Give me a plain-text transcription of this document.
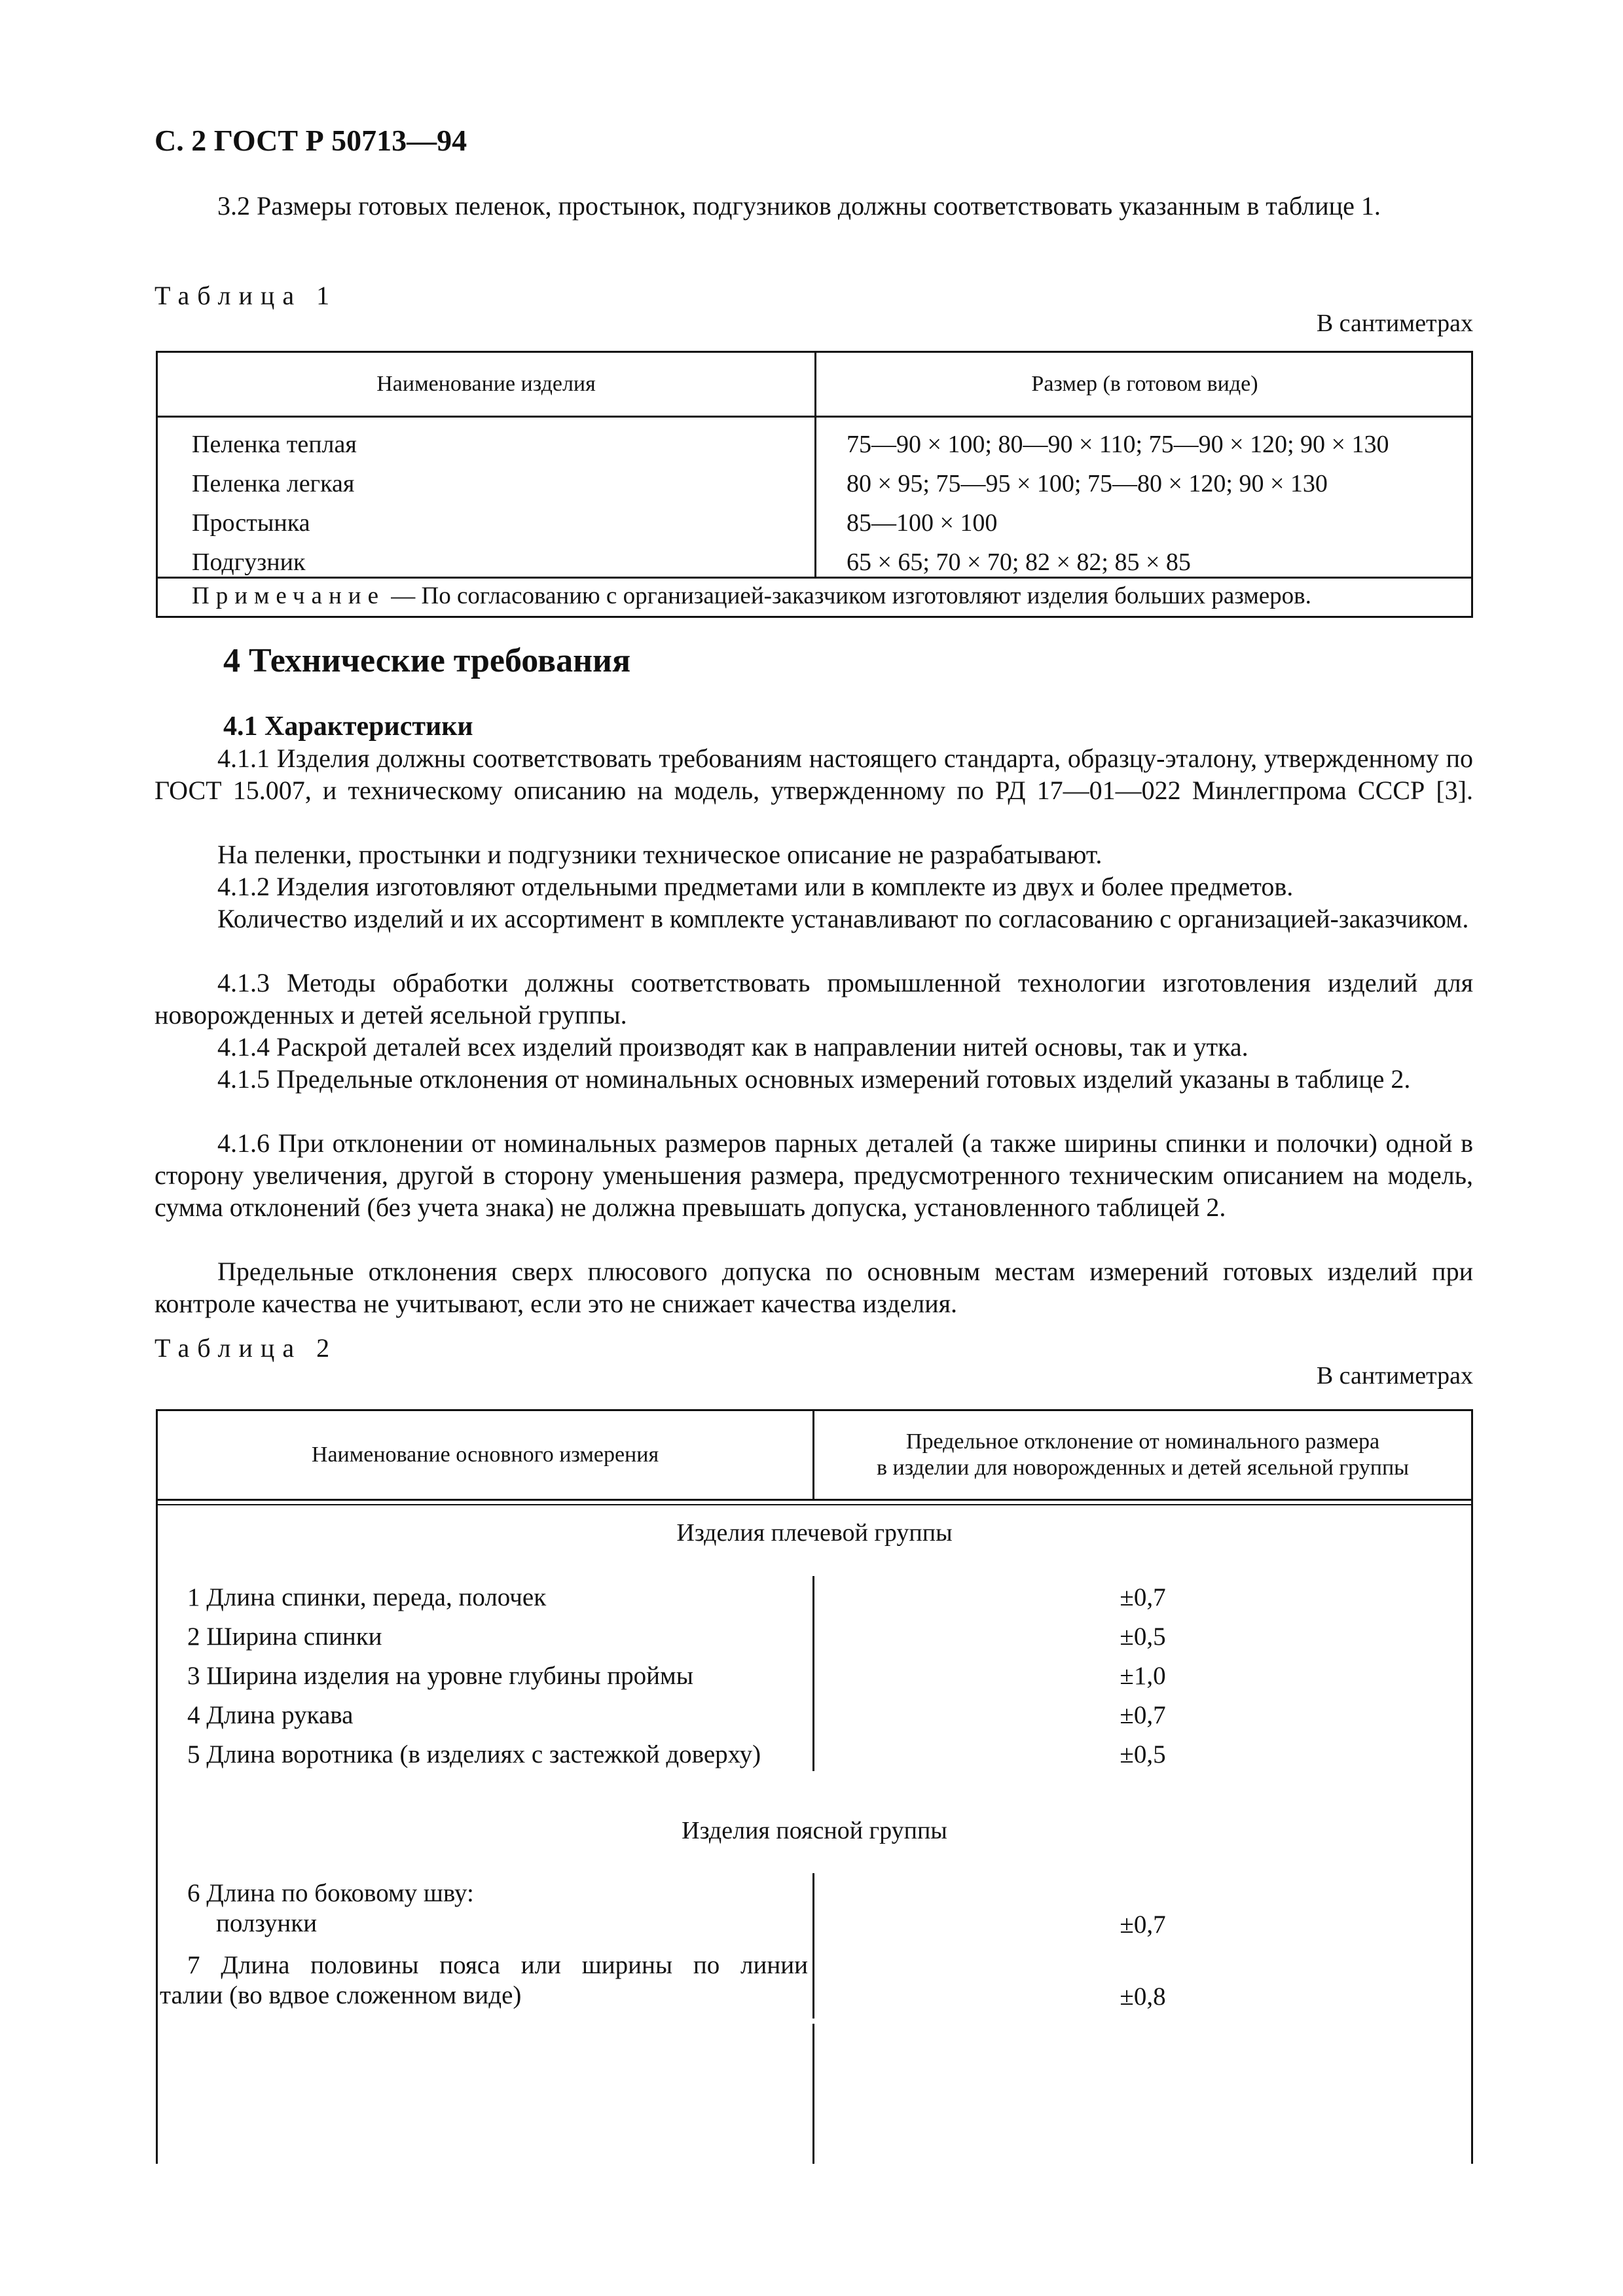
С. 2 ГОСТ Р 50713—94
3.2 Размеры готовых пеленок, простынок, подгузников должны соответствовать указанным в таблице 1.
Таблица 1
В сантиметрах
Наименование изделия	Размер (в готовом виде)
Пеленка теплая	75—90 × 100; 80—90 × 110; 75—90 × 120; 90 × 130
Пеленка легкая	80 × 95; 75—95 × 100; 75—80 × 120; 90 × 130
Простынка	85—100 × 100
Подгузник	65 × 65; 70 × 70; 82 × 82; 85 × 85
Примечание — По согласованию с организацией-заказчиком изготовляют изделия больших размеров.
4 Технические требования
4.1 Характеристики
4.1.1 Изделия должны соответствовать требованиям настоящего стандарта, образцу-эталону, утвержденному по ГОСТ 15.007, и техническому описанию на модель, утвержденному по РД 17—01—022 Минлегпрома СССР [3].
На пеленки, простынки и подгузники техническое описание не разрабатывают.
4.1.2 Изделия изготовляют отдельными предметами или в комплекте из двух и более предметов.
Количество изделий и их ассортимент в комплекте устанавливают по согласованию с организацией-заказчиком.
4.1.3 Методы обработки должны соответствовать промышленной технологии изготовления изделий для новорожденных и детей ясельной группы.
4.1.4 Раскрой деталей всех изделий производят как в направлении нитей основы, так и утка.
4.1.5 Предельные отклонения от номинальных основных измерений готовых изделий указаны в таблице 2.
4.1.6 При отклонении от номинальных размеров парных деталей (а также ширины спинки и полочки) одной в сторону увеличения, другой в сторону уменьшения размера, предусмотренного техническим описанием на модель, сумма отклонений (без учета знака) не должна превышать допуска, установленного таблицей 2.
Предельные отклонения сверх плюсового допуска по основным местам измерений готовых изделий при контроле качества не учитывают, если это не снижает качества изделия.
Таблица 2
В сантиметрах
Наименование основного измерения
Предельное отклонение от номинального размера
в изделии для новорожденных и детей ясельной группы
Изделия плечевой группы
1 Длина спинки, переда, полочек	±0,7
2 Ширина спинки	±0,5
3 Ширина изделия на уровне глубины проймы	±1,0
4 Длина рукава	±0,7
5 Длина воротника (в изделиях с застежкой доверху)	±0,5
Изделия поясной группы
6 Длина по боковому шву:
ползунки	±0,7
7 Длина половины пояса или ширины по линии
талии (во вдвое сложенном виде)	±0,8
